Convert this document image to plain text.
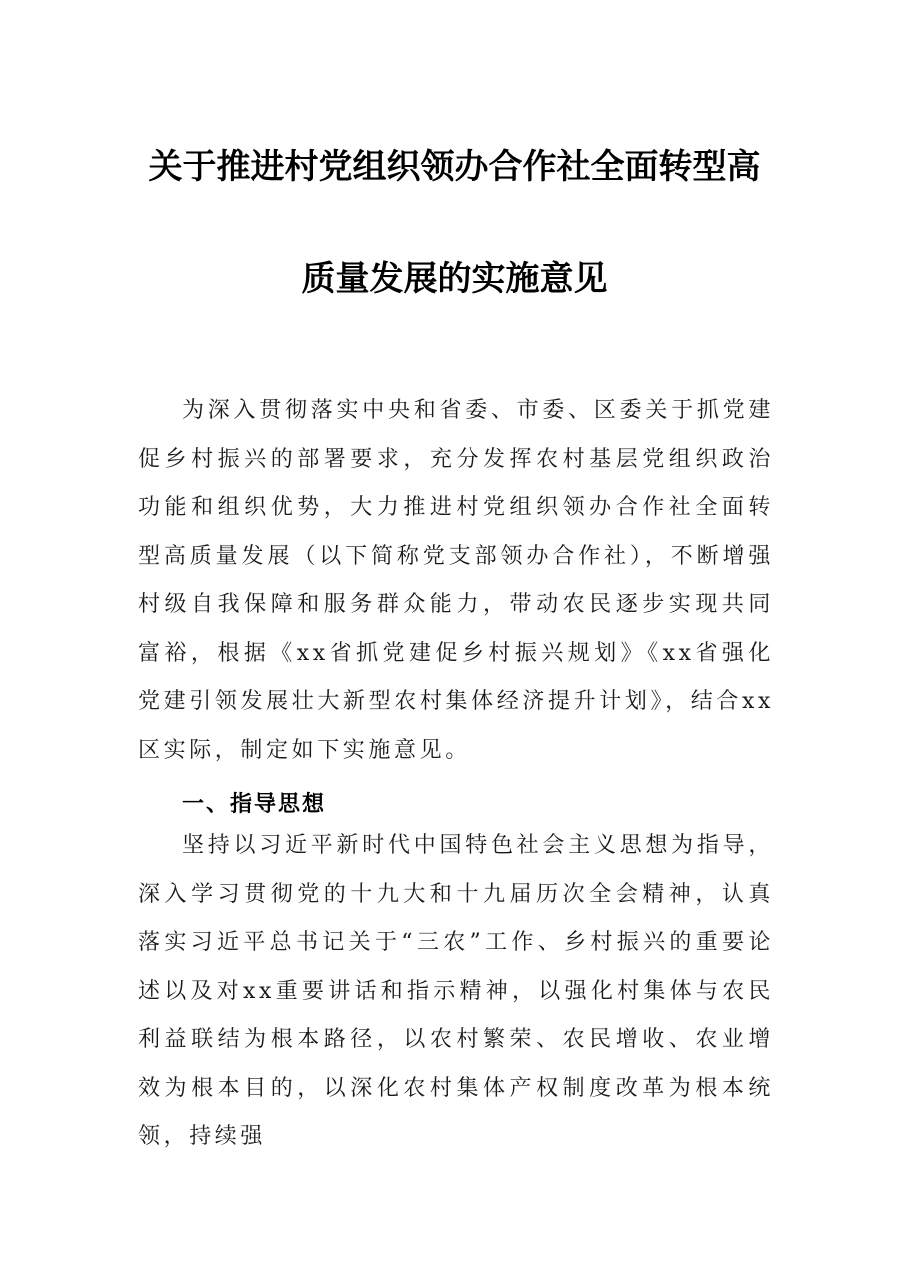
关于推进村党组织领办合作社全面转型高
质量发展的实施意见

为深入贯彻落实中央和省委、市委、区委关于抓党建促乡村振兴的部署要求，充分发挥农村基层党组织政治功能和组织优势，大力推进村党组织领办合作社全面转型高质量发展（以下简称党支部领办合作社），不断增强村级自我保障和服务群众能力，带动农民逐步实现共同富裕，根据《xx省抓党建促乡村振兴规划》《xx省强化党建引领发展壮大新型农村集体经济提升计划》，结合xx区实际，制定如下实施意见。

一、指导思想

坚持以习近平新时代中国特色社会主义思想为指导，深入学习贯彻党的十九大和十九届历次全会精神，认真落实习近平总书记关于“三农”工作、乡村振兴的重要论述以及对xx重要讲话和指示精神，以强化村集体与农民利益联结为根本路径，以农村繁荣、农民增收、农业增效为根本目的，以深化农村集体产权制度改革为根本统领，持续强
